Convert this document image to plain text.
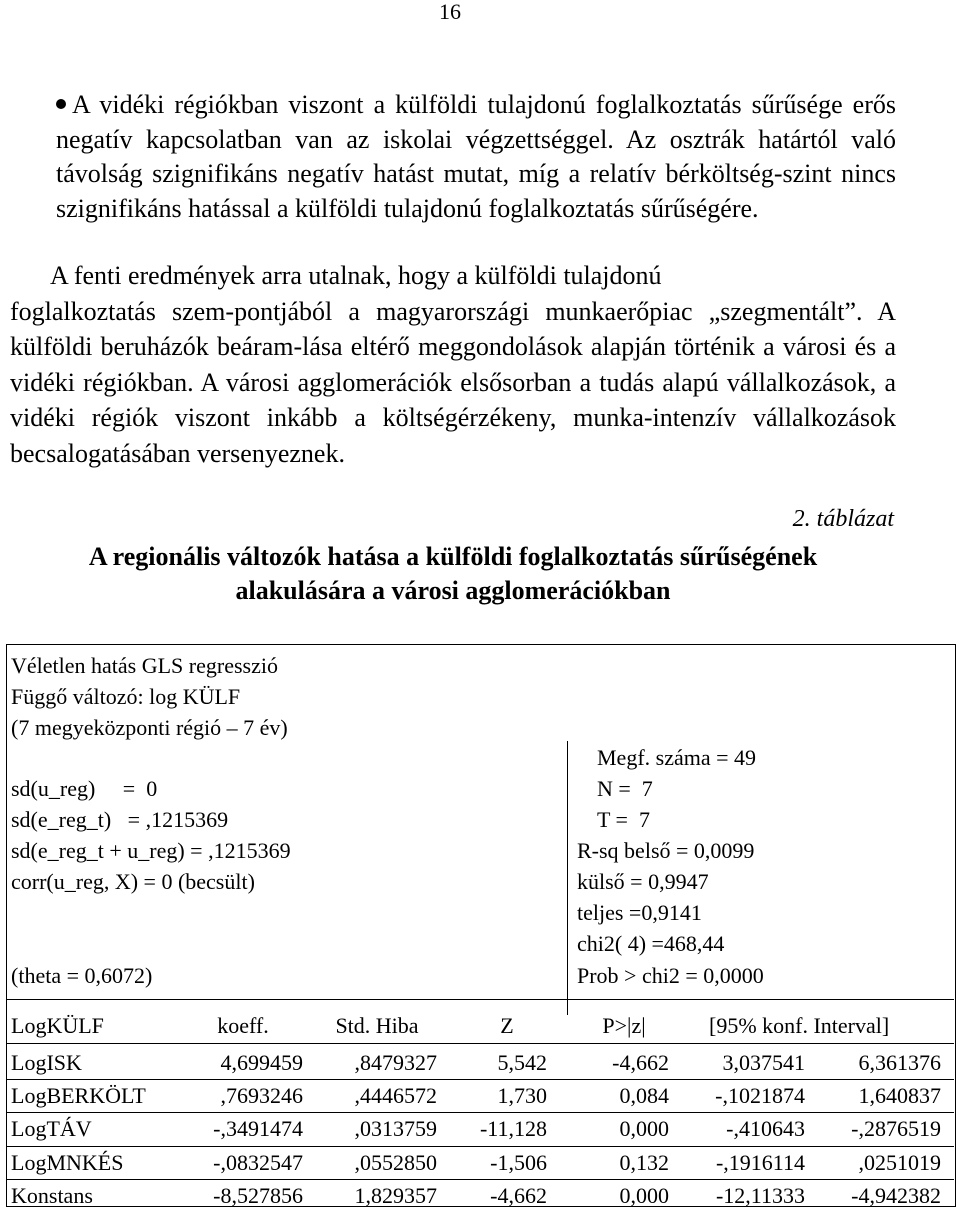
16
A vidéki régiókban viszont a külföldi tulajdonú foglalkoztatás sűrűsége erős negatív kapcsolatban van az iskolai végzettséggel. Az osztrák határtól való távolság szignifikáns negatív hatást mutat, míg a relatív bérköltség-szint nincs szignifikáns hatással a külföldi tulajdonú foglalkoztatás sűrűségére.
A fenti eredmények arra utalnak, hogy a külföldi tulajdonú
foglalkoztatás szem-pontjából a magyarországi munkaerőpiac „szegmentált”. A külföldi beruházók beáram-lása eltérő meggondolások alapján történik a városi és a vidéki régiókban. A városi agglomerációk elsősorban a tudás alapú vállalkozások, a vidéki régiók viszont inkább a költségérzékeny, munka-intenzív vállalkozások becsalogatásában versenyeznek.
2. táblázat
A regionális változók hatása a külföldi foglalkoztatás sűrűségének
alakulására a városi agglomerációkban
Véletlen hatás GLS regresszió
Függő változó: log KÜLF
(7 megyeközponti régió – 7 év)
sd(u_reg)     =  0
sd(e_reg_t)   = ,1215369
sd(e_reg_t + u_reg) = ,1215369
corr(u_reg, X) = 0 (becsült)
(theta = 0,6072)
Megf. száma = 49
N =  7
T =  7
R-sq belső = 0,0099
külső = 0,9947
teljes =0,9141
chi2( 4) =468,44
Prob > chi2 = 0,0000
LogKÜLF	koeff.	Std. Hiba	Z	P>|z|	[95% konf. Interval]
LogISK	4,699459	,8479327	5,542	-4,662	3,037541	6,361376
LogBERKÖLT	,7693246	,4446572	1,730	0,084	-,1021874	1,640837
LogTÁV	-,3491474	,0313759	-11,128	0,000	-,410643	-,2876519
LogMNKÉS	-,0832547	,0552850	-1,506	0,132	-,1916114	,0251019
Konstans	-8,527856	1,829357	-4,662	0,000	-12,11333	-4,942382
